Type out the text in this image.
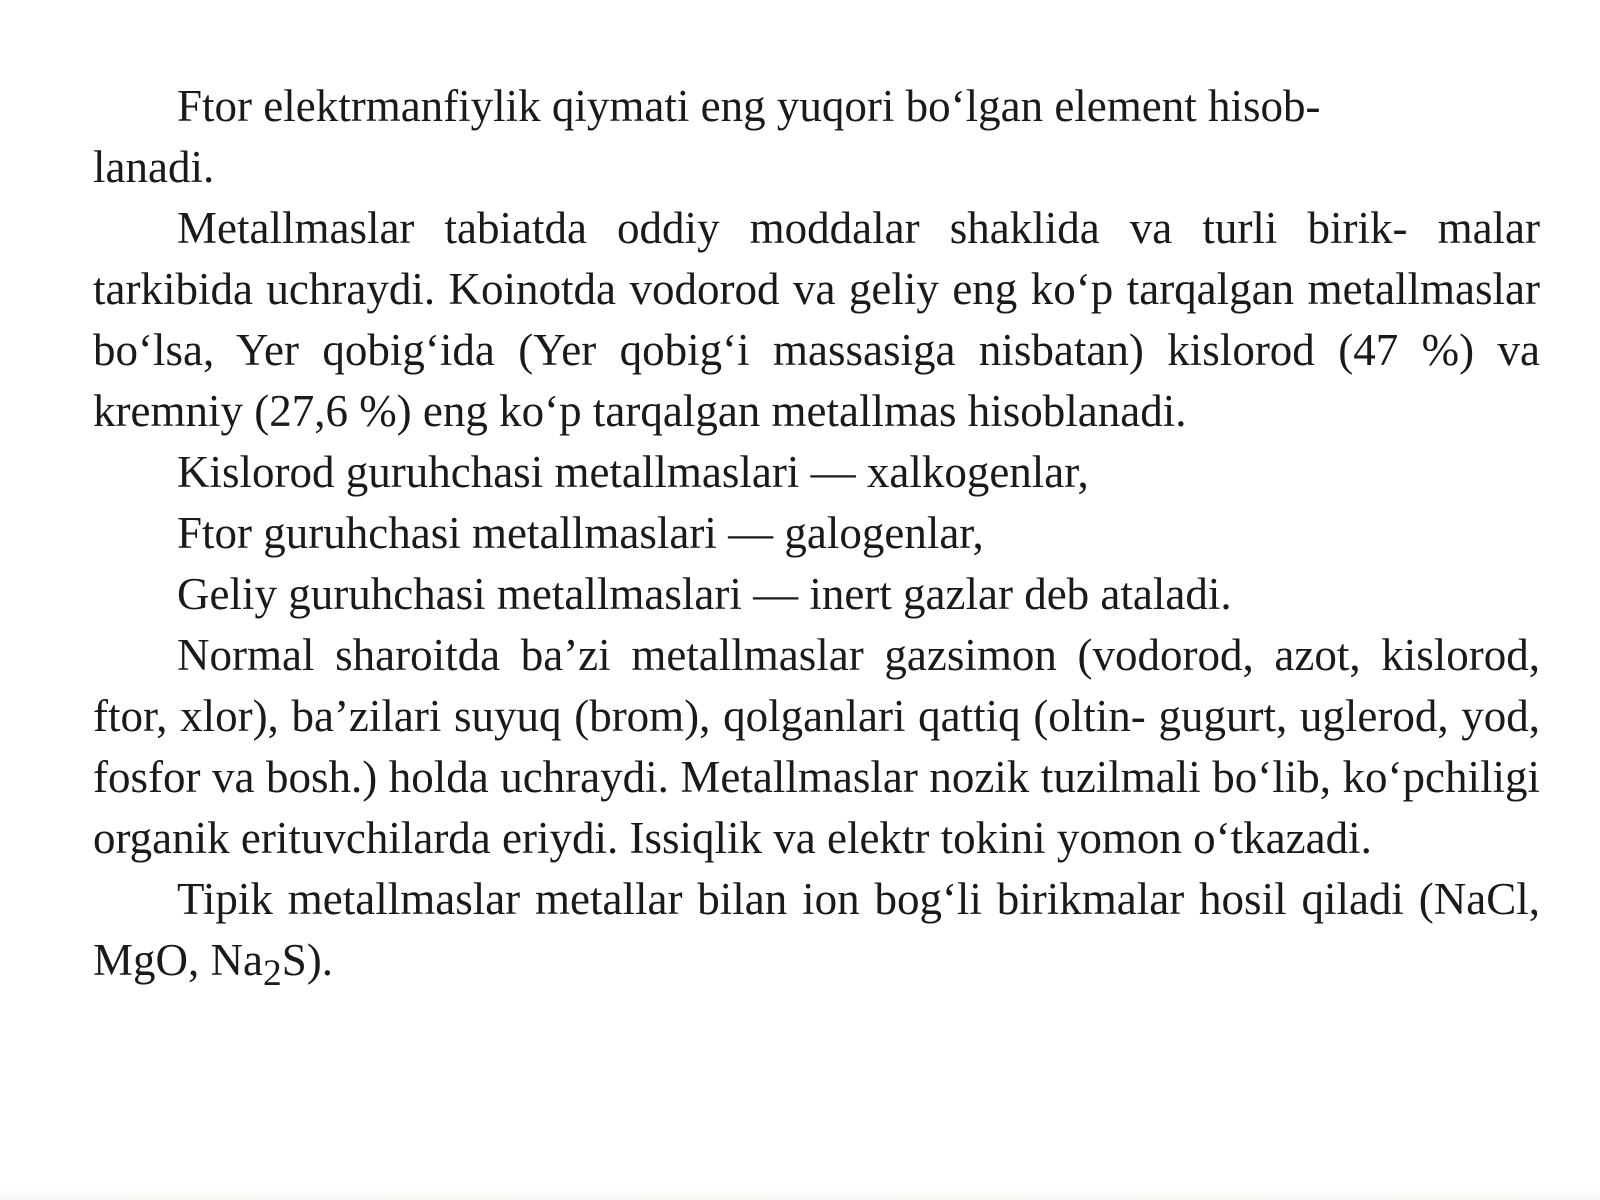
Ftor elektrmanfiylik qiymati eng yuqori bo‘lgan element hisob-
lanadi.

Metallmaslar tabiatda oddiy moddalar shaklida va turli birik- malar tarkibida uchraydi. Koinotda vodorod va geliy eng ko‘p tarqalgan metallmaslar bo‘lsa, Yer qobig‘ida (Yer qobig‘i massasiga nisbatan) kislorod (47 %) va kremniy (27,6 %) eng ko‘p tarqalgan metallmas hisoblanadi.

Kislorod guruhchasi metallmaslari — xalkogenlar,

Ftor guruhchasi metallmaslari — galogenlar,

Geliy guruhchasi metallmaslari — inert gazlar deb ataladi.

Normal sharoitda ba’zi metallmaslar gazsimon (vodorod, azot, kislorod, ftor, xlor), ba’zilari suyuq (brom), qolganlari qattiq (oltin- gugurt, uglerod, yod, fosfor va bosh.) holda uchraydi. Metallmaslar nozik tuzilmali bo‘lib, ko‘pchiligi organik erituvchilarda eriydi. Issiqlik va elektr tokini yomon o‘tkazadi.

Tipik metallmaslar metallar bilan ion bog‘li birikmalar hosil qiladi (NaCl, MgO, $Na_2S$).
